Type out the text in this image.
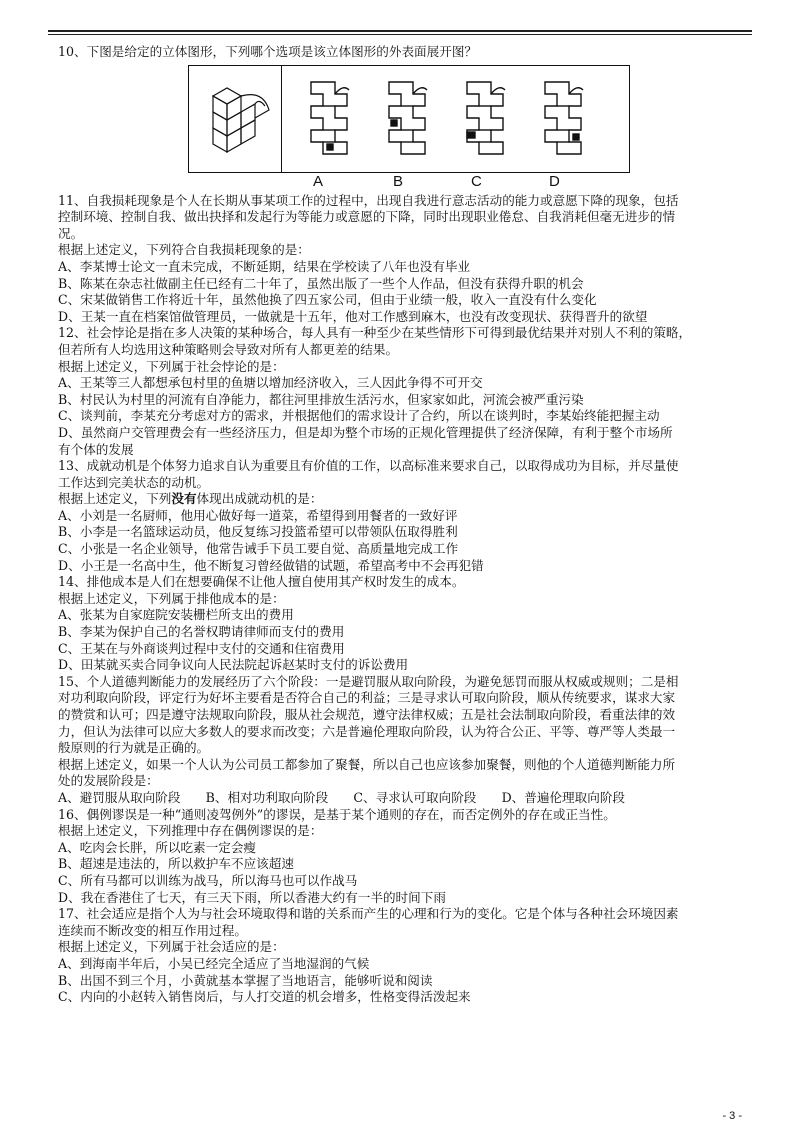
10、下图是给定的立体图形，下列哪个选项是该立体图形的外表面展开图？

A	B	C	D

11、自我损耗现象是个人在长期从事某项工作的过程中，出现自我进行意志活动的能力或意愿下降的现象，包括

控制环境、控制自我、做出抉择和发起行为等能力或意愿的下降，同时出现职业倦怠、自我消耗但毫无进步的情

况。

根据上述定义，下列符合自我损耗现象的是：

A、李某博士论文一直未完成，不断延期，结果在学校读了八年也没有毕业

B、陈某在杂志社做副主任已经有二十年了，虽然出版了一些个人作品，但没有获得升职的机会

C、宋某做销售工作将近十年，虽然他换了四五家公司，但由于业绩一般，收入一直没有什么变化

D、王某一直在档案馆做管理员，一做就是十五年，他对工作感到麻木，也没有改变现状、获得晋升的欲望

12、社会悖论是指在多人决策的某种场合，每人具有一种至少在某些情形下可得到最优结果并对别人不利的策略，

但若所有人均选用这种策略则会导致对所有人都更差的结果。

根据上述定义，下列属于社会悖论的是：

A、王某等三人都想承包村里的鱼塘以增加经济收入，三人因此争得不可开交

B、村民认为村里的河流有自净能力，都往河里排放生活污水，但家家如此，河流会被严重污染

C、谈判前，李某充分考虑对方的需求，并根据他们的需求设计了合约，所以在谈判时，李某始终能把握主动

D、虽然商户交管理费会有一些经济压力，但是却为整个市场的正规化管理提供了经济保障，有利于整个市场所

有个体的发展

13、成就动机是个体努力追求自认为重要且有价值的工作，以高标准来要求自己，以取得成功为目标，并尽量使

工作达到完美状态的动机。

根据上述定义，下列没有体现出成就动机的是：

A、小刘是一名厨师，他用心做好每一道菜，希望得到用餐者的一致好评

B、小李是一名篮球运动员，他反复练习投篮希望可以带领队伍取得胜利

C、小张是一名企业领导，他常告诫手下员工要自觉、高质量地完成工作

D、小王是一名高中生，他不断复习曾经做错的试题，希望高考中不会再犯错

14、排他成本是人们在想要确保不让他人擅自使用其产权时发生的成本。

根据上述定义，下列属于排他成本的是：

A、张某为自家庭院安装栅栏所支出的费用

B、李某为保护自己的名誉权聘请律师而支付的费用

C、王某在与外商谈判过程中支付的交通和住宿费用

D、田某就买卖合同争议向人民法院起诉赵某时支付的诉讼费用

15、个人道德判断能力的发展经历了六个阶段：一是避罚服从取向阶段，为避免惩罚而服从权威或规则；二是相

对功利取向阶段，评定行为好坏主要看是否符合自己的利益；三是寻求认可取向阶段，顺从传统要求，谋求大家

的赞赏和认可；四是遵守法规取向阶段，服从社会规范，遵守法律权威；五是社会法制取向阶段，看重法律的效

力，但认为法律可以应大多数人的要求而改变；六是普遍伦理取向阶段，认为符合公正、平等、尊严等人类最一

般原则的行为就是正确的。

根据上述定义，如果一个人认为公司员工都参加了聚餐，所以自己也应该参加聚餐，则他的个人道德判断能力所

处的发展阶段是：

A、避罚服从取向阶段　　B、相对功利取向阶段　　C、寻求认可取向阶段　　D、普遍伦理取向阶段

16、偶例谬误是一种“通则凌驾例外”的谬误，是基于某个通则的存在，而否定例外的存在或正当性。

根据上述定义，下列推理中存在偶例谬误的是：

A、吃肉会长胖，所以吃素一定会瘦

B、超速是违法的，所以救护车不应该超速

C、所有马都可以训练为战马，所以海马也可以作战马

D、我在香港住了七天，有三天下雨，所以香港大约有一半的时间下雨

17、社会适应是指个人为与社会环境取得和谐的关系而产生的心理和行为的变化。它是个体与各种社会环境因素

连续而不断改变的相互作用过程。

根据上述定义，下列属于社会适应的是：

A、到海南半年后，小吴已经完全适应了当地湿润的气候

B、出国不到三个月，小黄就基本掌握了当地语言，能够听说和阅读

C、内向的小赵转入销售岗后，与人打交道的机会增多，性格变得活泼起来

- 3 -
